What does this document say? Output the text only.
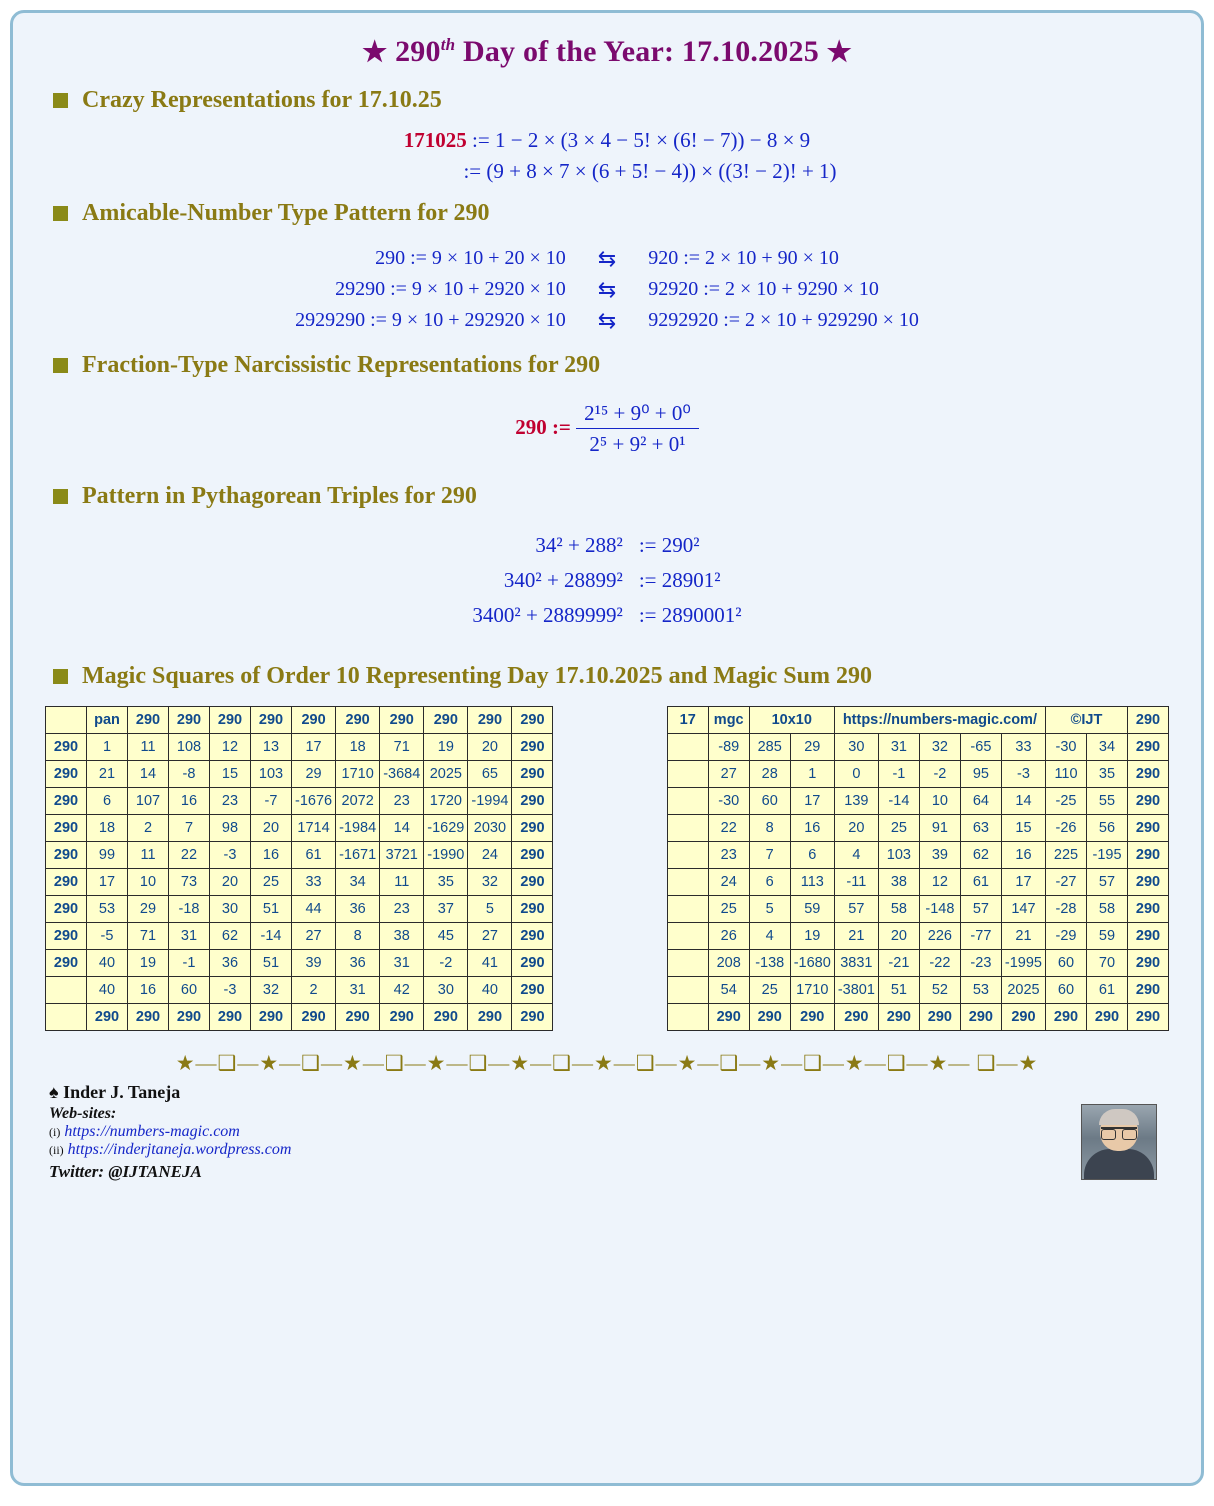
★ 290th Day of the Year: 17.10.2025 ★
Crazy Representations for 17.10.25
171025 := 1 − 2 × (3 × 4 − 5! × (6! − 7)) − 8 × 9
:= (9 + 8 × 7 × (6 + 5! − 4)) × ((3! − 2)! + 1)
Amicable-Number Type Pattern for 290
290 := 9 × 10 + 20 × 10	⇆	920 := 2 × 10 + 90 × 10
29290 := 9 × 10 + 2920 × 10	⇆	92920 := 2 × 10 + 9290 × 10
2929290 := 9 × 10 + 292920 × 10	⇆	9292920 := 2 × 10 + 929290 × 10
Fraction-Type Narcissistic Representations for 290
290 := $\frac{\text{2¹⁵ + 9⁰ + 0⁰}}{\text{2⁵ + 9² + 0¹}}$
Pattern in Pythagorean Triples for 290
34² + 288²	:= 290²
340² + 28899²	:= 28901²
3400² + 2889999²	:= 2890001²
Magic Squares of Order 10 Representing Day 17.10.2025 and Magic Sum 290
	pan	290	290	290	290	290	290	290	290	290	290
290	1	11	108	12	13	17	18	71	19	20	290
290	21	14	-8	15	103	29	1710	-3684	2025	65	290
290	6	107	16	23	-7	-1676	2072	23	1720	-1994	290
290	18	2	7	98	20	1714	-1984	14	-1629	2030	290
290	99	11	22	-3	16	61	-1671	3721	-1990	24	290
290	17	10	73	20	25	33	34	11	35	32	290
290	53	29	-18	30	51	44	36	23	37	5	290
290	-5	71	31	62	-14	27	8	38	45	27	290
290	40	19	-1	36	51	39	36	31	-2	41	290
	40	16	60	-3	32	2	31	42	30	40	290
	290	290	290	290	290	290	290	290	290	290	290
17	mgc	10x10		https://numbers-magic.com/					©IJT		290
	-89	285	29	30	31	32	-65	33	-30	34	290
	27	28	1	0	-1	-2	95	-3	110	35	290
	-30	60	17	139	-14	10	64	14	-25	55	290
	22	8	16	20	25	91	63	15	-26	56	290
	23	7	6	4	103	39	62	16	225	-195	290
	24	6	113	-11	38	12	61	17	-27	57	290
	25	5	59	57	58	-148	57	147	-28	58	290
	26	4	19	21	20	226	-77	21	-29	59	290
	208	-138	-1680	3831	-21	-22	-23	-1995	60	70	290
	54	25	1710	-3801	51	52	53	2025	60	61	290
	290	290	290	290	290	290	290	290	290	290	290
★—❑—★—❑—★—❑—★—❑—★—❑—★—❑—★—❑—★—❑—★—❑—★— ❑—★
♠ Inder J. Taneja
Web-sites:
(i) https://numbers-magic.com
(ii) https://inderjtaneja.wordpress.com
Twitter: @IJTANEJA
